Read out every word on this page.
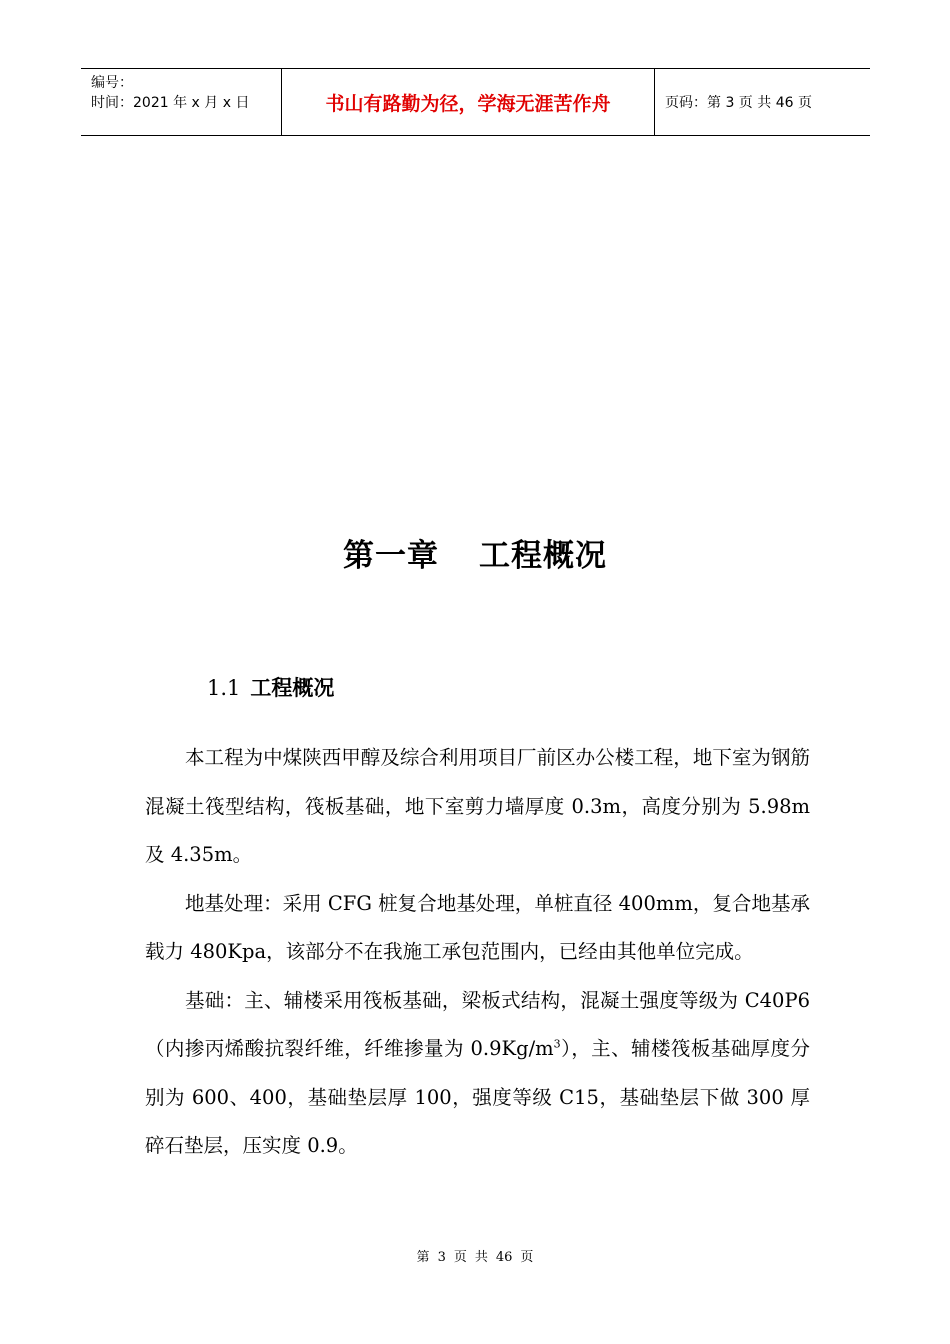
编号：
时间：2021 年 x 月 x 日	书山有路勤为径，学海无涯苦作舟	页码：第 3 页 共 46 页
第一章 工程概况
1.1 工程概况

本工程为中煤陕西甲醇及综合利用项目厂前区办公楼工程，地下室为钢筋混凝土筏型结构，筏板基础，地下室剪力墙厚度 0.3m，高度分别为 5.98m 及 4.35m。

地基处理：采用 CFG 桩复合地基处理，单桩直径 400mm，复合地基承载力 480Kpa，该部分不在我施工承包范围内，已经由其他单位完成。

基础：主、辅楼采用筏板基础，梁板式结构，混凝土强度等级为 C40P6（内掺丙烯酸抗裂纤维，纤维掺量为 $0.9Kg/m^3$），主、辅楼筏板基础厚度分别为 600、400，基础垫层厚 100，强度等级 C15，基础垫层下做 300 厚碎石垫层，压实度 0.9。

第 3 页 共 46 页
